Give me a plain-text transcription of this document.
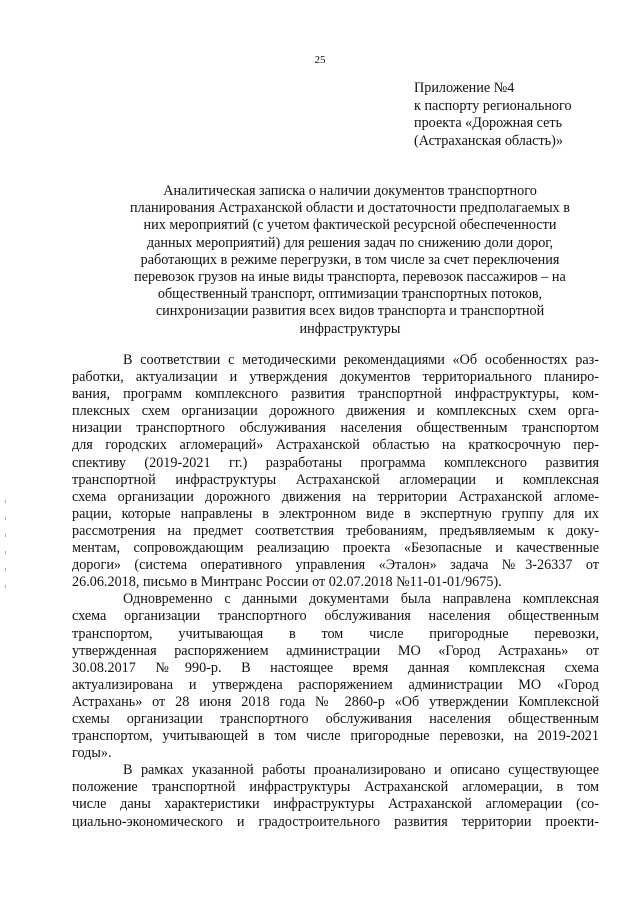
25
Приложение №4
к паспорту регионального
проекта «Дорожная сеть
(Астраханская область)»
Аналитическая записка о наличии документов транспортного
планирования Астраханской области и достаточности предполагаемых в
них мероприятий (с учетом фактической ресурсной обеспеченности
данных мероприятий) для решения задач по снижению доли дорог,
работающих в режиме перегрузки, в том числе за счет переключения
перевозок грузов на иные виды транспорта, перевозок пассажиров – на
общественный транспорт, оптимизации транспортных потоков,
синхронизации развития всех видов транспорта и транспортной
инфраструктуры
В соответствии с методическими рекомендациями «Об особенностях раз-
работки, актуализации и утверждения документов территориального планиро-
вания, программ комплексного развития транспортной инфраструктуры, ком-
плексных схем организации дорожного движения и комплексных схем орга-
низации транспортного обслуживания населения общественным транспортом
для городских агломераций» Астраханской областью на краткосрочную пер-
спективу (2019-2021 гг.) разработаны программа комплексного развития
транспортной инфраструктуры Астраханской агломерации и комплексная
схема организации дорожного движения на территории Астраханской агломе-
рации, которые направлены в электронном виде в экспертную группу для их
рассмотрения на предмет соответствия требованиям, предъявляемым к доку-
ментам, сопровождающим реализацию проекта «Безопасные и качественные
дороги» (система оперативного управления «Эталон» задача №3-26337 от
26.06.2018, письмо в Минтранс России от 02.07.2018 №11-01-01/9675).
Одновременно с данными документами была направлена комплексная
схема организации транспортного обслуживания населения общественным
транспортом, учитывающая в том числе пригородные перевозки,
утвержденная распоряжением администрации МО «Город Астрахань» от
30.08.2017 №990-р. В настоящее время данная комплексная схема
актуализирована и утверждена распоряжением администрации МО «Город
Астрахань» от 28 июня 2018 года № 2860-р «Об утверждении Комплексной
схемы организации транспортного обслуживания населения общественным
транспортом, учитывающей в том числе пригородные перевозки, на 2019-2021
годы».
В рамках указанной работы проанализировано и описано существующее
положение транспортной инфраструктуры Астраханской агломерации, в том
числе даны характеристики инфраструктуры Астраханской агломерации (со-
циально-экономического и градостроительного развития территории проекти-
